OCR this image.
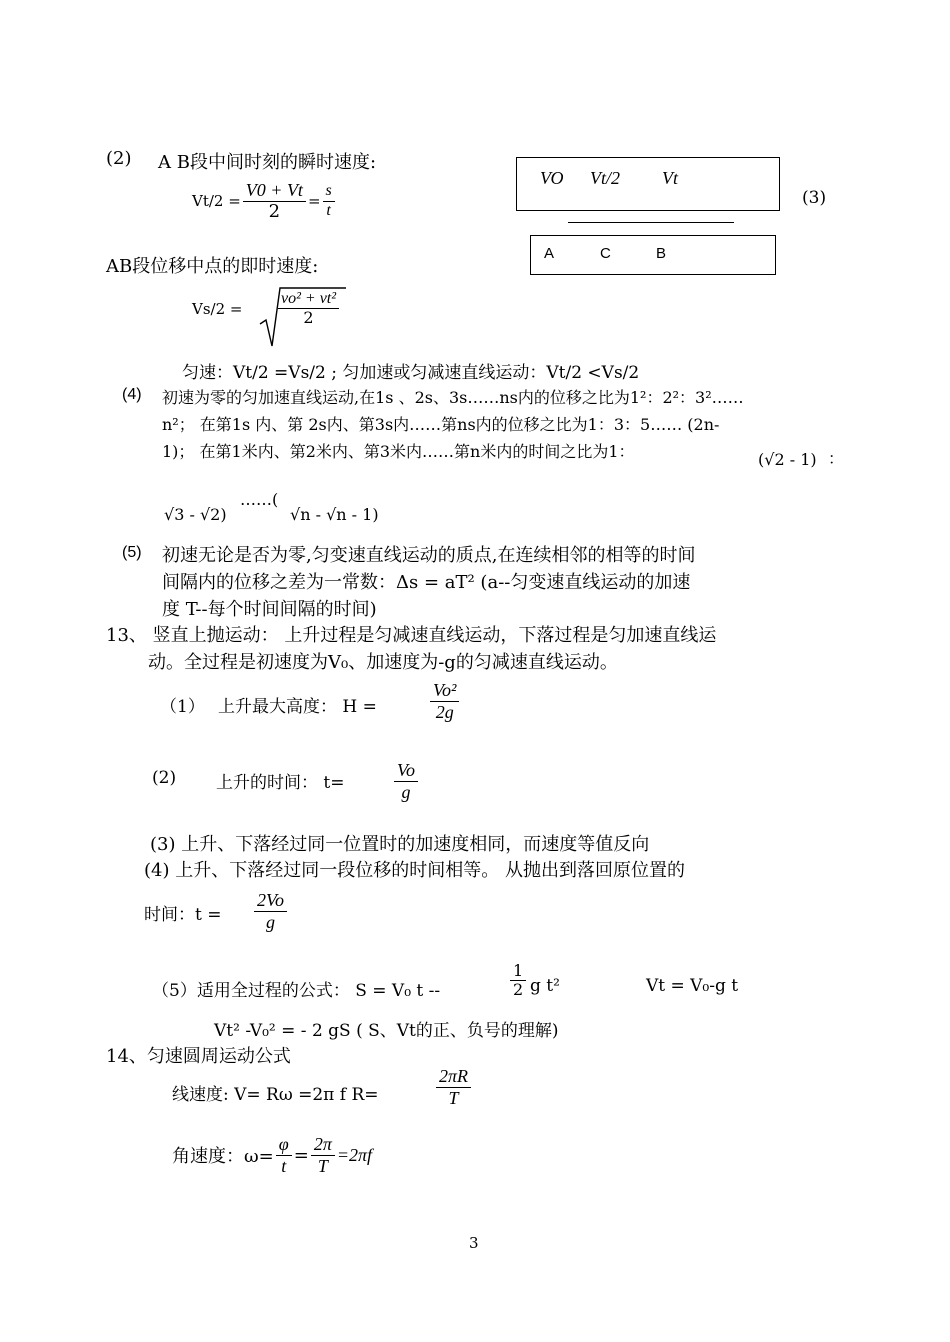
(2) A B段中间时刻的瞬时速度:
$Vt/2 = \frac{V0 + Vt}{2} = \frac{s}{t}$
VO Vt/2 Vt
A	C	B
(3)
AB段位移中点的即时速度:
$Vs/2 = \frac{\text{vo² + vt²}}{2}$
匀速：Vt/2 =Vs/2 ; 匀加速或匀减速直线运动：Vt/2 <Vs/2
(4) 初速为零的匀加速直线运动,在1s 、2s、3s……ns内的位移之比为1²：2²：3²……
n²； 在第1s 内、第 2s内、第3s内……第ns内的位移之比为1：3：5…… (2n-
1)； 在第1米内、第2米内、第3米内……第n米内的时间之比为1：	(√2 - 1) ：
√3 - √2)
……(
√n - √n - 1)
(5) 初速无论是否为零,匀变速直线运动的质点,在连续相邻的相等的时间
间隔内的位移之差为一常数：Δs = aT² (a--匀变速直线运动的加速
度 T--每个时间间隔的时间)
13、 竖直上抛运动： 上升过程是匀减速直线运动，下落过程是匀加速直线运
动。全过程是初速度为V₀、加速度为-g的匀减速直线运动。
（1） 上升最大高度： H =	$\frac{\text{Vo²}}{2g}$
(2) 上升的时间： t=	$\frac{Vo}{g}$
(3) 上升、下落经过同一位置时的加速度相同，而速度等值反向
(4) 上升、下落经过同一段位移的时间相等。 从抛出到落回原位置的
时间：$t = \frac{2Vo}{g}$
（5）适用全过程的公式： S = V₀ t --	$\frac{1}{2}$ g t²	Vt = V₀-g t
Vt² -V₀² = - 2 gS ( S、Vt的正、负号的理解)
14、匀速圆周运动公式
线速度: V= Rω =2π f R=	$\frac{2\pi R}{T}$
角速度：$\omega= \frac{\varphi}{t} = \frac{2\pi}{T} =2\pi f$
3
